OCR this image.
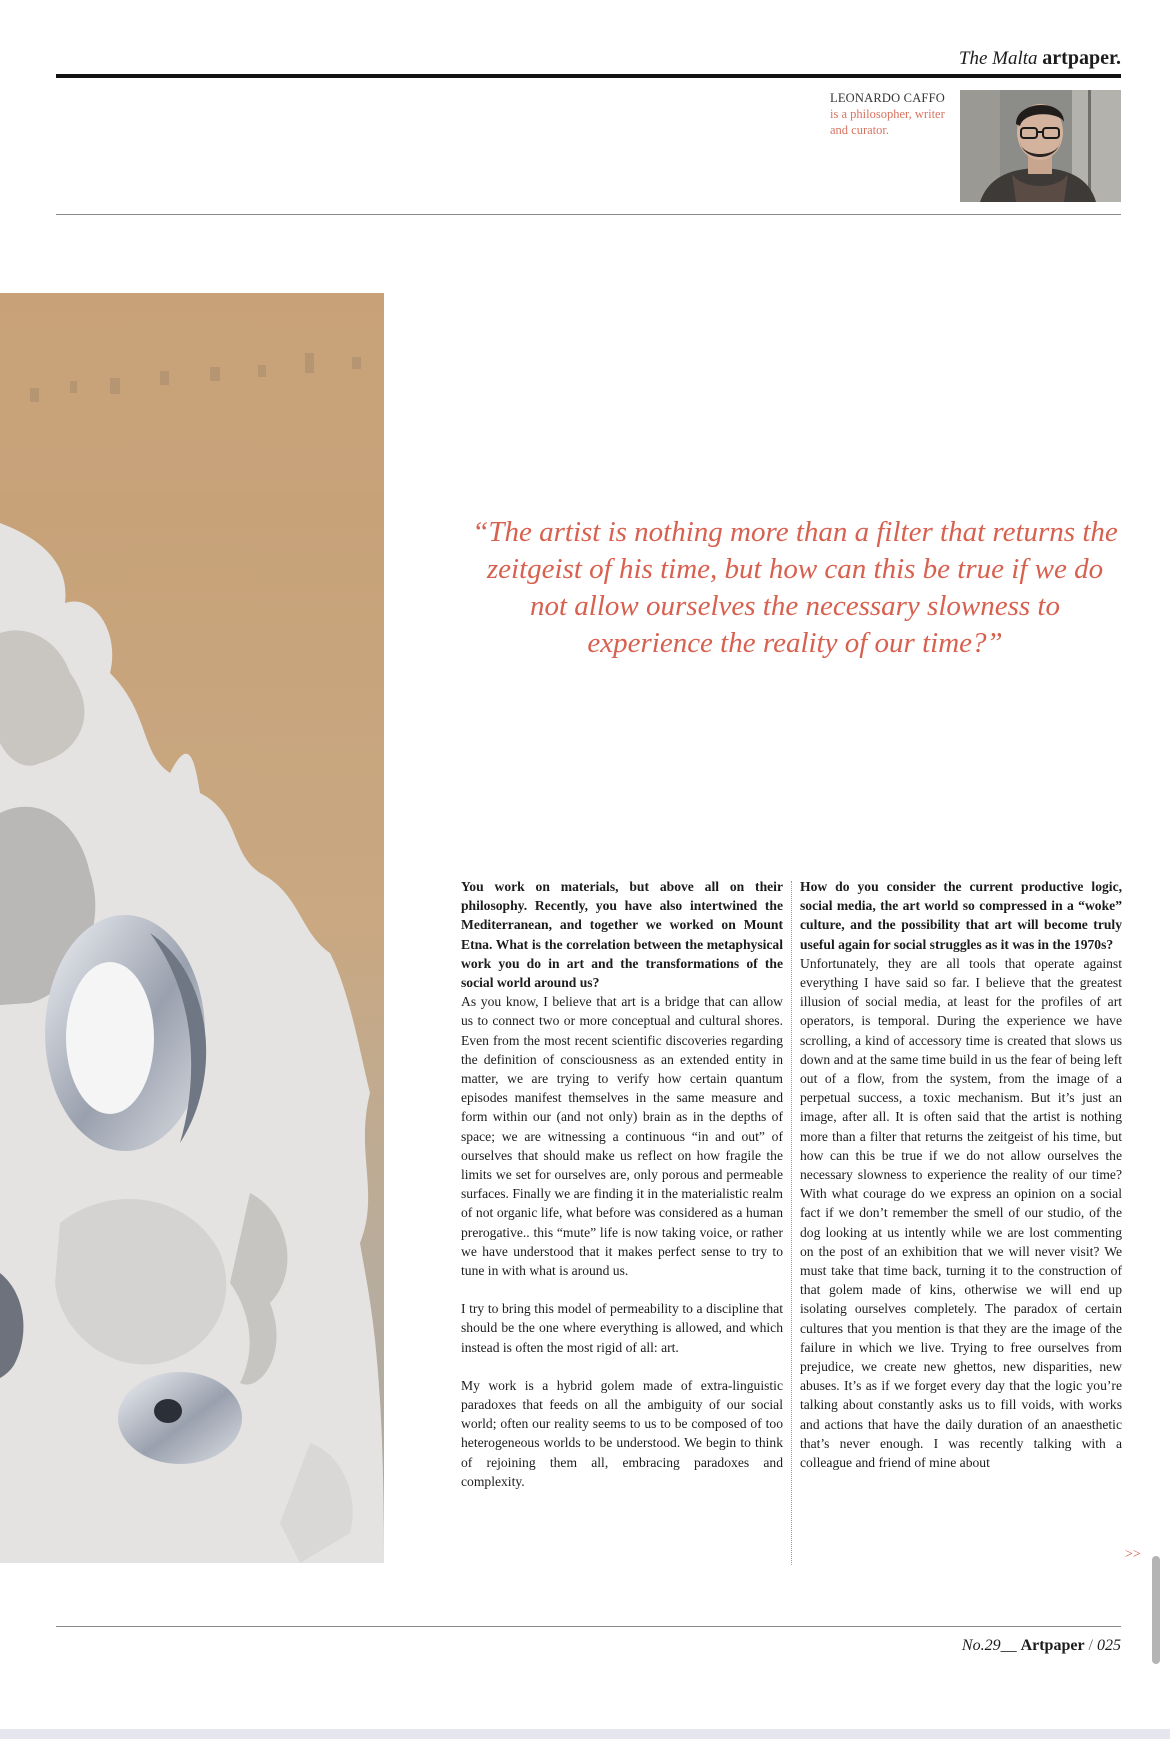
The Malta artpaper.
LEONARDO CAFFO
is a philosopher, writer and curator.
“The artist is nothing more than a filter that returns the zeitgeist of his time, but how can this be true if we do not allow ourselves the necessary slowness to experience the reality of our time?”

You work on materials, but above all on their philosophy. Recently, you have also intertwined the Mediterranean, and together we worked on Mount Etna. What is the correlation between the metaphysical work you do in art and the transformations of the social world around us?

As you know, I believe that art is a bridge that can allow us to connect two or more conceptual and cultural shores. Even from the most recent scientific discoveries regarding the definition of consciousness as an extended entity in matter, we are trying to verify how certain quantum episodes manifest themselves in the same measure and form within our (and not only) brain as in the depths of space; we are witnessing a continuous “in and out” of ourselves that should make us reflect on how fragile the limits we set for ourselves are, only porous and permeable surfaces. Finally we are finding it in the materialistic realm of not organic life, what before was considered as a human prerogative.. this “mute” life is now taking voice, or rather we have understood that it makes perfect sense to try to tune in with what is around us.

I try to bring this model of permeability to a discipline that should be the one where everything is allowed, and which instead is often the most rigid of all: art.

My work is a hybrid golem made of extra-linguistic paradoxes that feeds on all the ambiguity of our social world; often our reality seems to us to be composed of too heterogeneous worlds to be understood. We begin to think of rejoining them all, embracing paradoxes and complexity.

How do you consider the current productive logic, social media, the art world so compressed in a “woke” culture, and the possibility that art will become truly useful again for social struggles as it was in the 1970s?

Unfortunately, they are all tools that operate against everything I have said so far. I believe that the greatest illusion of social media, at least for the profiles of art operators, is temporal. During the experience we have scrolling, a kind of accessory time is created that slows us down and at the same time build in us the fear of being left out of a flow, from the system, from the image of a perpetual success, a toxic mechanism. But it’s just an image, after all. It is often said that the artist is nothing more than a filter that returns the zeitgeist of his time, but how can this be true if we do not allow ourselves the necessary slowness to experience the reality of our time? With what courage do we express an opinion on a social fact if we don’t remember the smell of our studio, of the dog looking at us intently while we are lost commenting on the post of an exhibition that we will never visit? We must take that time back, turning it to the construction of that golem made of kins, otherwise we will end up isolating ourselves completely. The paradox of certain cultures that you mention is that they are the image of the failure in which we live. Trying to free ourselves from prejudice, we create new ghettos, new disparities, new abuses. It’s as if we forget every day that the logic you’re talking about constantly asks us to fill voids, with works and actions that have the daily duration of an anaesthetic that’s never enough. I was recently talking with a colleague and friend of mine about

>>
No.29__ Artpaper / 025
